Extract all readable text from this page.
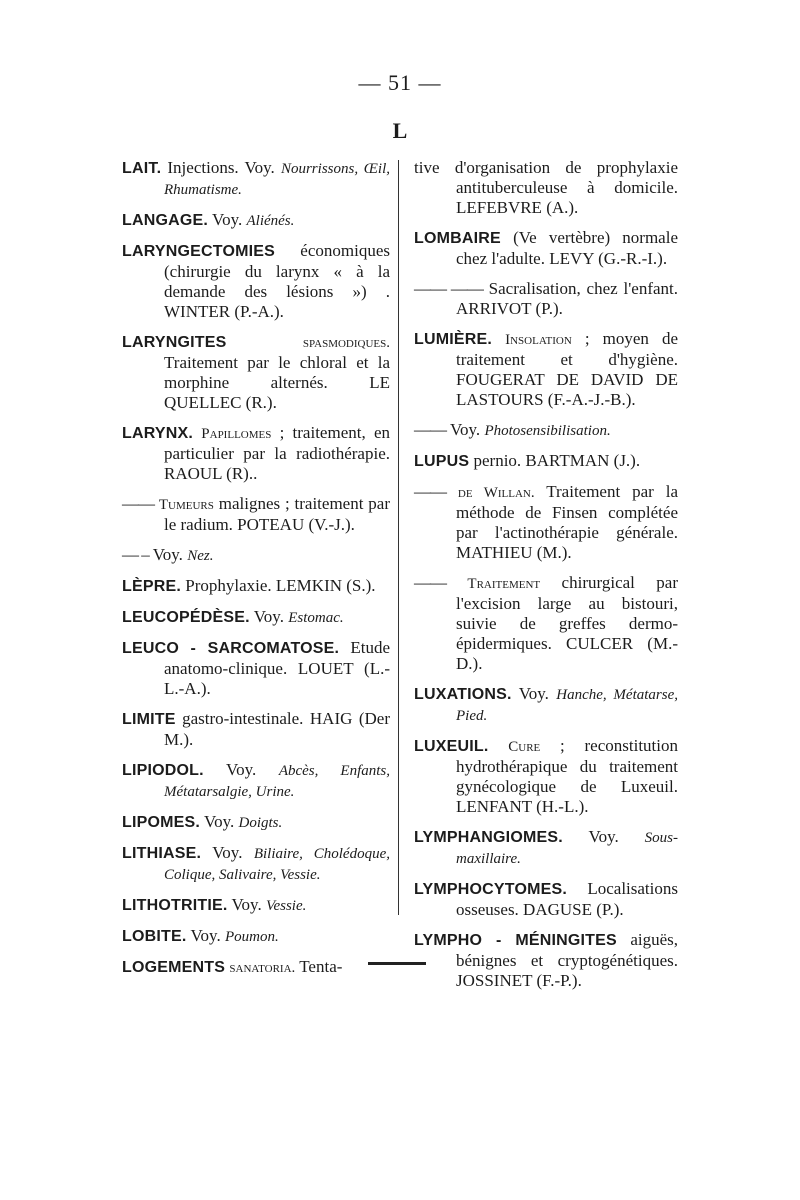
— 51 —
L
LAIT. Injections. Voy. Nourrissons, Œil, Rhumatisme.
LANGAGE. Voy. Aliénés.
LARYNGECTOMIES économiques (chirurgie du larynx « à la demande des lésions ») . WINTER (P.-A.).
LARYNGITES	spasmodiques. Traitement par le chloral et la morphine alternés. LE QUELLEC (R.).
LARYNX. Papillomes ; traitement, en particulier par la radiothérapie. RAOUL (R)..
—— Tumeurs malignes ; traitement par le radium. POTEAU (V.-J.).
— – Voy. Nez.
LÈPRE. Prophylaxie. LEMKIN (S.).
LEUCOPÉDÈSE. Voy. Estomac.
LEUCO - SARCOMATOSE. Etude anatomo-clinique. LOUET (L.-L.-A.).
LIMITE gastro-intestinale. HAIG (Der M.).
LIPIODOL. Voy. Abcès, Enfants, Métatarsalgie, Urine.
LIPOMES. Voy. Doigts.
LITHIASE. Voy. Biliaire, Cholédoque, Colique, Salivaire, Vessie.
LITHOTRITIE. Voy. Vessie.
LOBITE. Voy. Poumon.
LOGEMENTS sanatoria. Tenta-
tive d'organisation de prophylaxie antituberculeuse à domicile. LEFEBVRE (A.).
LOMBAIRE (Ve vertèbre) normale chez l'adulte. LEVY (G.-R.-I.).
—— —— Sacralisation, chez l'enfant. ARRIVOT (P.).
LUMIÈRE. Insolation ; moyen de traitement et d'hygiène. FOUGERAT DE DAVID DE LASTOURS (F.-A.-J.-B.).
—— Voy. Photosensibilisation.
LUPUS pernio. BARTMAN (J.).
—— de Willan. Traitement par la méthode de Finsen complétée par l'actinothérapie générale. MATHIEU (M.).
—— Traitement chirurgical par l'excision large au bistouri, suivie de greffes dermo-épidermiques. CULCER (M.-D.).
LUXATIONS. Voy. Hanche, Métatarse, Pied.
LUXEUIL. Cure ; reconstitution hydrothérapique du traitement gynécologique de Luxeuil. LENFANT (H.-L.).
LYMPHANGIOMES. Voy. Sous-maxillaire.
LYMPHOCYTOMES. Localisations osseuses. DAGUSE (P.).
LYMPHO - MÉNINGITES aiguës, bénignes et cryptogénétiques. JOSSINET (F.-P.).
